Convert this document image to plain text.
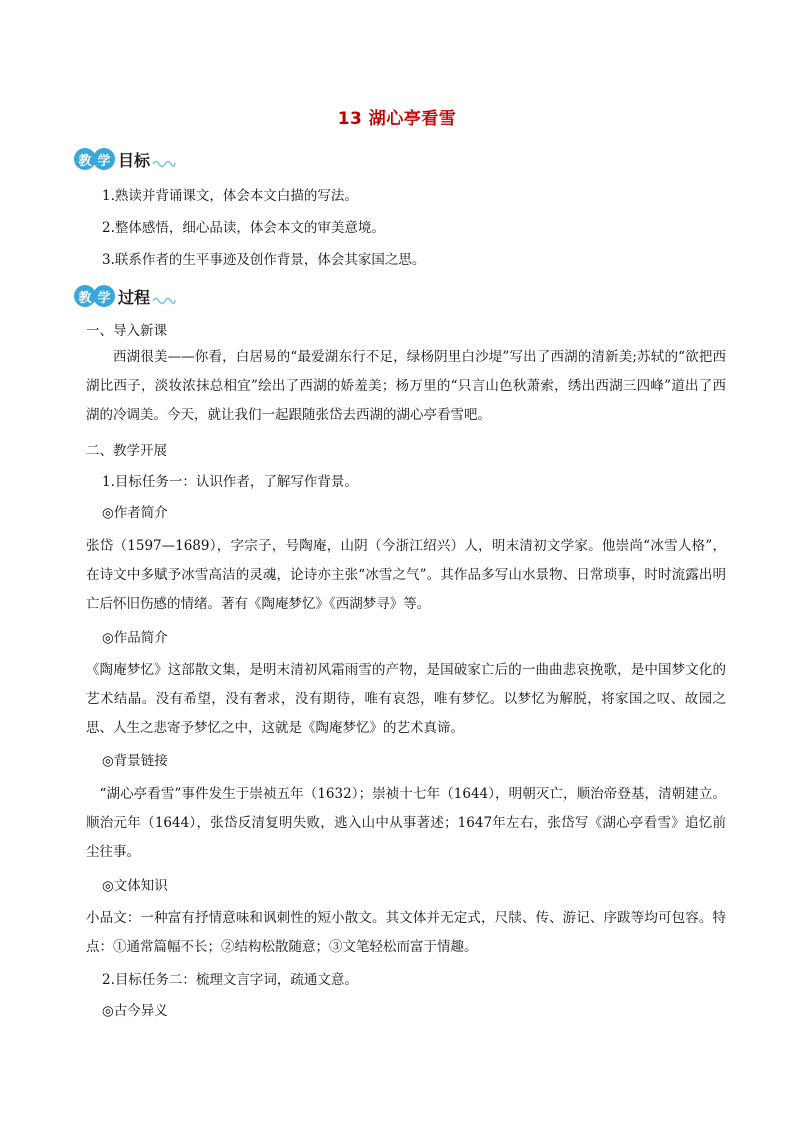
13 湖心亭看雪
教 学 目标
1.熟读并背诵课文，体会本文白描的写法。
2.整体感悟，细心品读，体会本文的审美意境。
3.联系作者的生平事迹及创作背景，体会其家国之思。
教 学 过程
一、导入新课

西湖很美——你看，白居易的“最爱湖东行不足，绿杨阴里白沙堤”写出了西湖的清新美;苏轼的“欲把西湖比西子，淡妆浓抹总相宜”绘出了西湖的娇羞美；杨万里的“只言山色秋萧索，绣出西湖三四峰”道出了西湖的冷调美。今天，就让我们一起跟随张岱去西湖的湖心亭看雪吧。

二、教学开展
1.目标任务一：认识作者，了解写作背景。
◎作者简介

张岱（1597—1689），字宗子，号陶庵，山阴（今浙江绍兴）人，明末清初文学家。他崇尚“冰雪人格”，在诗文中多赋予冰雪高洁的灵魂，论诗亦主张“冰雪之气”。其作品多写山水景物、日常琐事，时时流露出明亡后怀旧伤感的情绪。著有《陶庵梦忆》《西湖梦寻》等。

◎作品简介

《陶庵梦忆》这部散文集，是明末清初风霜雨雪的产物，是国破家亡后的一曲曲悲哀挽歌，是中国梦文化的艺术结晶。没有希望，没有奢求，没有期待，唯有哀怨，唯有梦忆。以梦忆为解脱，将家国之叹、故园之思、人生之悲寄予梦忆之中，这就是《陶庵梦忆》的艺术真谛。

◎背景链接

“湖心亭看雪”事件发生于崇祯五年（1632）；崇祯十七年（1644），明朝灭亡，顺治帝登基，清朝建立。顺治元年（1644），张岱反清复明失败，逃入山中从事著述；1647年左右，张岱写《湖心亭看雪》追忆前尘往事。

◎文体知识

小品文：一种富有抒情意味和讽刺性的短小散文。其文体并无定式，尺牍、传、游记、序跋等均可包容。特点：①通常篇幅不长；②结构松散随意；③文笔轻松而富于情趣。

2.目标任务二：梳理文言字词，疏通文意。
◎古今异义
